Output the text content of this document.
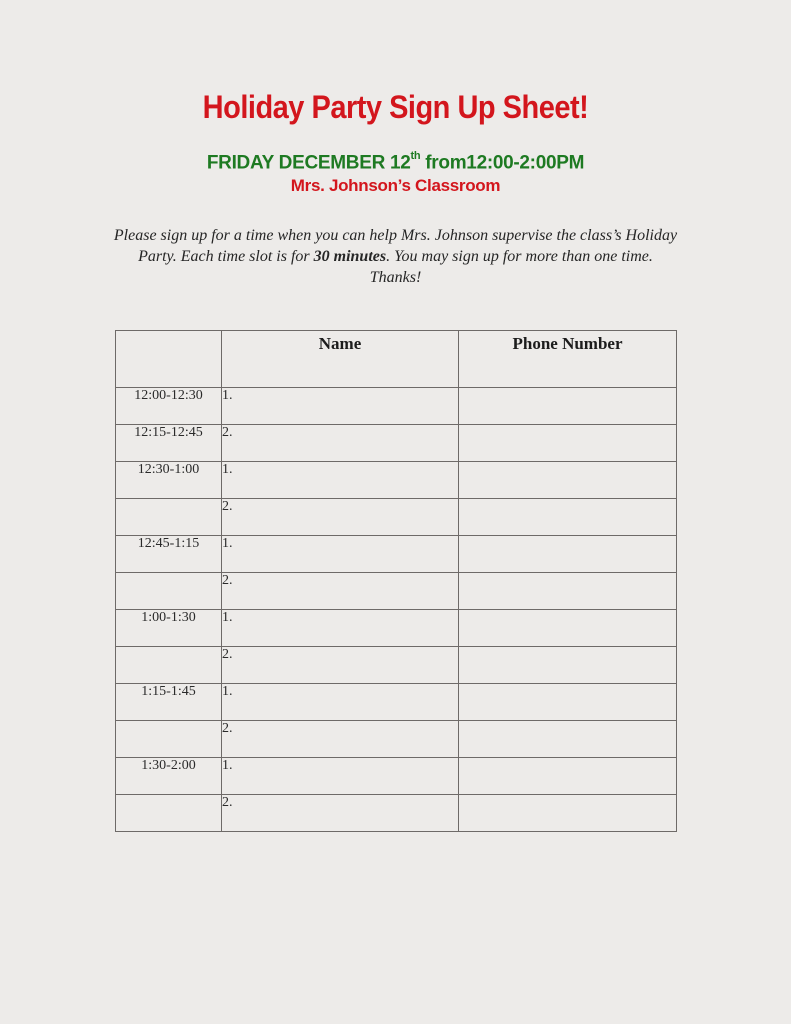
Holiday Party Sign Up Sheet!
FRIDAY DECEMBER 12th from12:00-2:00PM
Mrs. Johnson’s Classroom
Please sign up for a time when you can help Mrs. Johnson supervise the class’s Holiday Party. Each time slot is for 30 minutes. You may sign up for more than one time.
Thanks!
	Name	Phone Number
12:00-12:30	1.	
12:15-12:45	2.	
12:30-1:00	1.	
	2.	
12:45-1:15	1.	
	2.	
1:00-1:30	1.	
	2.	
1:15-1:45	1.	
	2.	
1:30-2:00	1.	
	2.	
